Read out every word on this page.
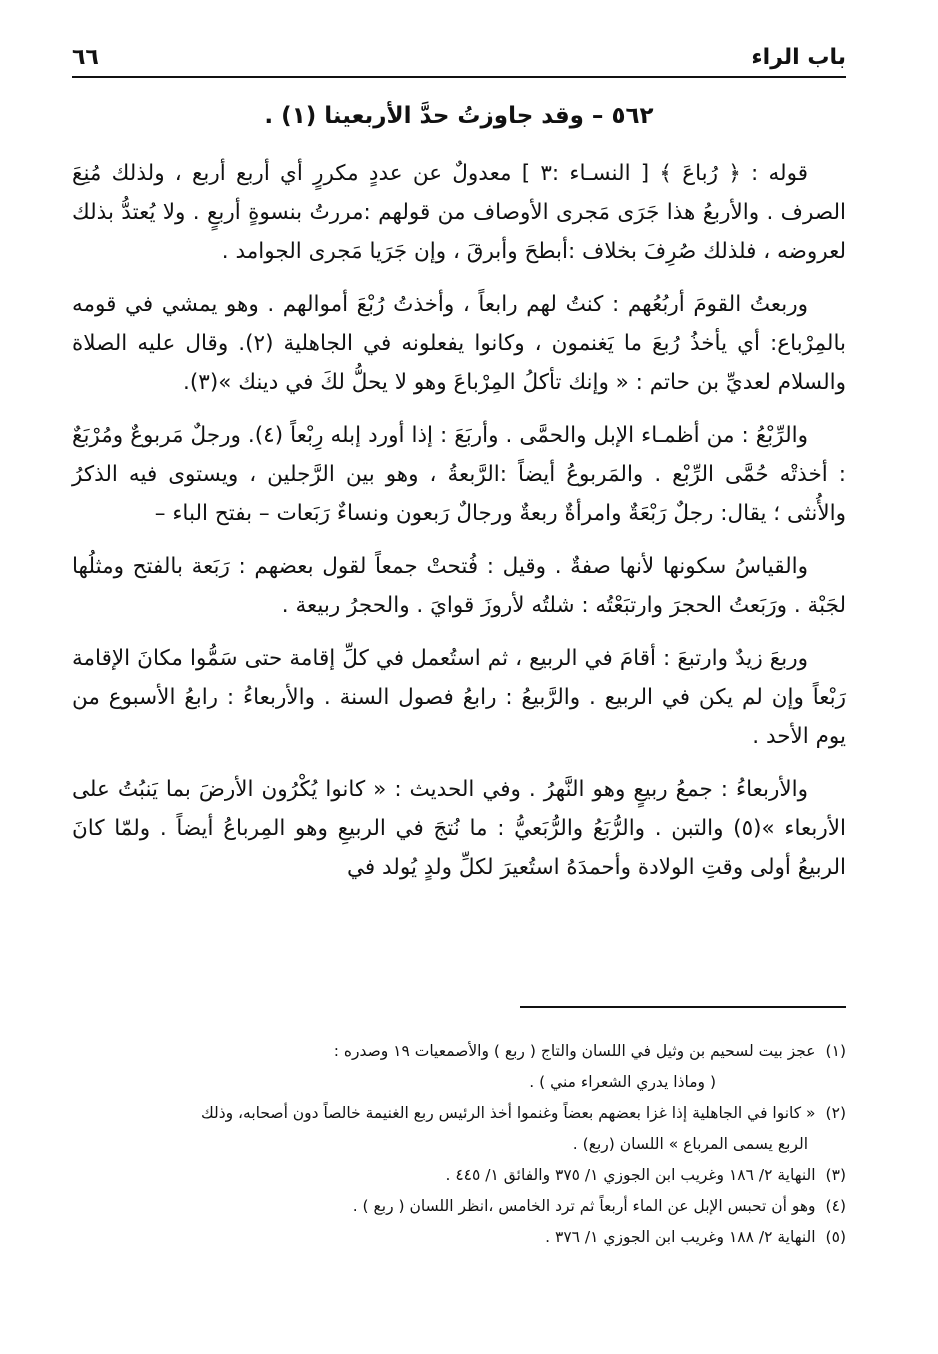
باب الراء
٦٦
٥٦٢ – وقد جاوزتُ حدَّ الأربعينا (١) .

قوله : ﴿ رُباعَ ﴾ [ النسـاء :٣ ] معدولٌ عن عددٍ مكررٍ أي أربع أربع ، ولذلك مُنِعَ الصرف . والأربعُ هذا جَرَى مَجرى الأوصاف من قولهم :مررتُ بنسوةٍ أربعٍ . ولا يُعتدُّ بذلك لعروضه ، فلذلك صُرِفَ بخلاف :أبطحَ وأبرقَ ، وإن جَرَيا مَجرى الجوامد .

وربعتُ القومَ أربُعُهم : كنتُ لهم رابعاً ، وأخذتُ رُبْعَ أموالهم . وهو يمشي في قومه بالمِرْباع: أي يأخذُ رُبعَ ما يَغنمون ، وكانوا يفعلونه في الجاهلية (٢). وقال عليه الصلاة والسلام لعديِّ بن حاتم : « وإنك تأكلُ المِرْباعَ وهو لا يحلُّ لكَ في دينك »(٣).

والرِّبْعُ : من أظمـاء الإبل والحمَّى . وأربَعَ : إذا أورد إبله رِبْعاً (٤). ورجلٌ مَربوعٌ ومُرْبَعٌ : أخذتْه حُمَّى الرِّبْع . والمَربوعُ أيضاً :الرَّبعةُ ، وهو بين الرَّجلين ، ويستوى فيه الذكرُ والأُنثى ؛ يقال: رجلٌ رَبْعَةٌ وامرأةٌ ربعةٌ ورجالٌ رَبعون ونساءٌ رَبَعات – بفتح الباء –

والقياسُ سكونها لأنها صفةٌ . وقيل : فُتحتْ جمعاً لقول بعضهم : رَبَعة بالفتح ومثلُها لجَبْة . ورَبَعتُ الحجرَ وارتبَعْتُه : شلتُه لأروزَ قوايَ . والحجرُ ربيعة .

وربعَ زيدٌ وارتبعَ : أقامَ في الربيع ، ثم استُعمل في كلِّ إقامة حتى سَمُّوا مكانَ الإقامة رَبْعاً وإن لم يكن في الربيع . والرَّبيعُ : رابعُ فصول السنة . والأربعاءُ : رابعُ الأسبوع من يوم الأحد .

والأربعاءُ : جمعُ ربيعٍ وهو النَّهرُ . وفي الحديث : « كانوا يُكْرُون الأرضَ بما يَنبُتُ على الأربعاء »(٥) والتبن . والرُّبَعُ والرُّبَعيُّ : ما نُتجَ في الربيعِ وهو المِرباعُ أيضاً . ولمّا كانَ الربيعُ أولى وقتِ الولادة وأحمدَهُ استُعيرَ لكلِّ ولدٍ يُولد في

(١)عجز بيت لسحيم بن وثيل في اللسان والتاج ( ربع ) والأصمعيات ١٩ وصدره :

( وماذا يدري الشعراء مني ) .

(٢)« كانوا في الجاهلية إذا غزا بعضهم بعضاً وغنموا أخذ الرئيس ربع الغنيمة خالصاً دون أصحابه، وذلك

الربع يسمى المرباع » اللسان (ربع) .

(٣)النهاية ٢/ ١٨٦ وغريب ابن الجوزي ١/ ٣٧٥ والفائق ١/ ٤٤٥ .

(٤)وهو أن تحبس الإبل عن الماء أربعاً ثم ترد الخامس ،انظر اللسان ( ربع ) .

(٥)النهاية ٢/ ١٨٨ وغريب ابن الجوزي ١/ ٣٧٦ .
